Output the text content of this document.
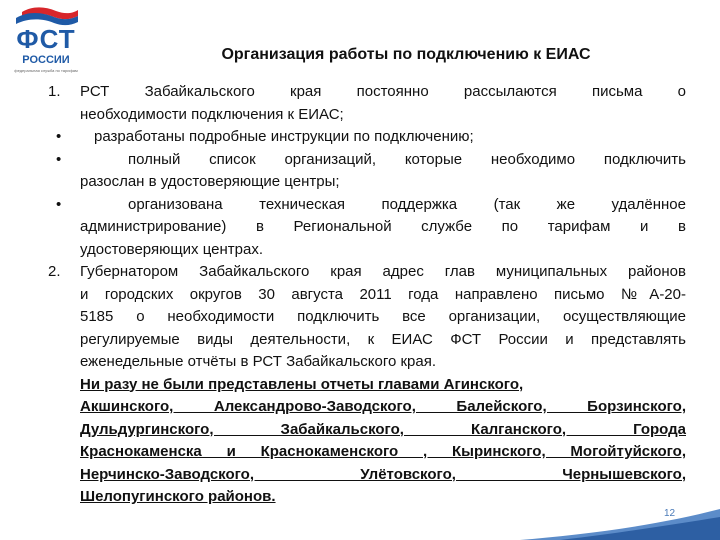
ФСТ
РОССИИ
федеральная служба по тарифам
Организация работы по подключению к ЕИАС
1.	РСТ Забайкальского края постоянно рассылаются письма о
необходимости подключения к ЕИАС;
•	разработаны подробные инструкции по подключению;
•	полный список организаций, которые необходимо подключить
разослан в удостоверяющие центры;
•	организована техническая поддержка (так же удалённое
администрирование) в Региональной службе по тарифам и в
удостоверяющих центрах.
2.	Губернатором Забайкальского края адрес глав муниципальных районов
и городских округов 30 августа 2011 года направлено письмо №А-20-
5185 о необходимости подключить все организации, осуществляющие
регулируемые виды деятельности, к ЕИАС ФСТ России и представлять
еженедельные отчёты в РСТ Забайкальского края.
Ни разу не были представлены отчеты главами Агинского,
Акшинского, Александрово-Заводского, Балейского, Борзинского,
Дульдургинского, Забайкальского, Калганского, Города
Краснокаменска и Краснокаменского , Кыринского, Могойтуйского,
Нерчинско-Заводского, Улётовского, Чернышевского,
Шелопугинского районов.
12
